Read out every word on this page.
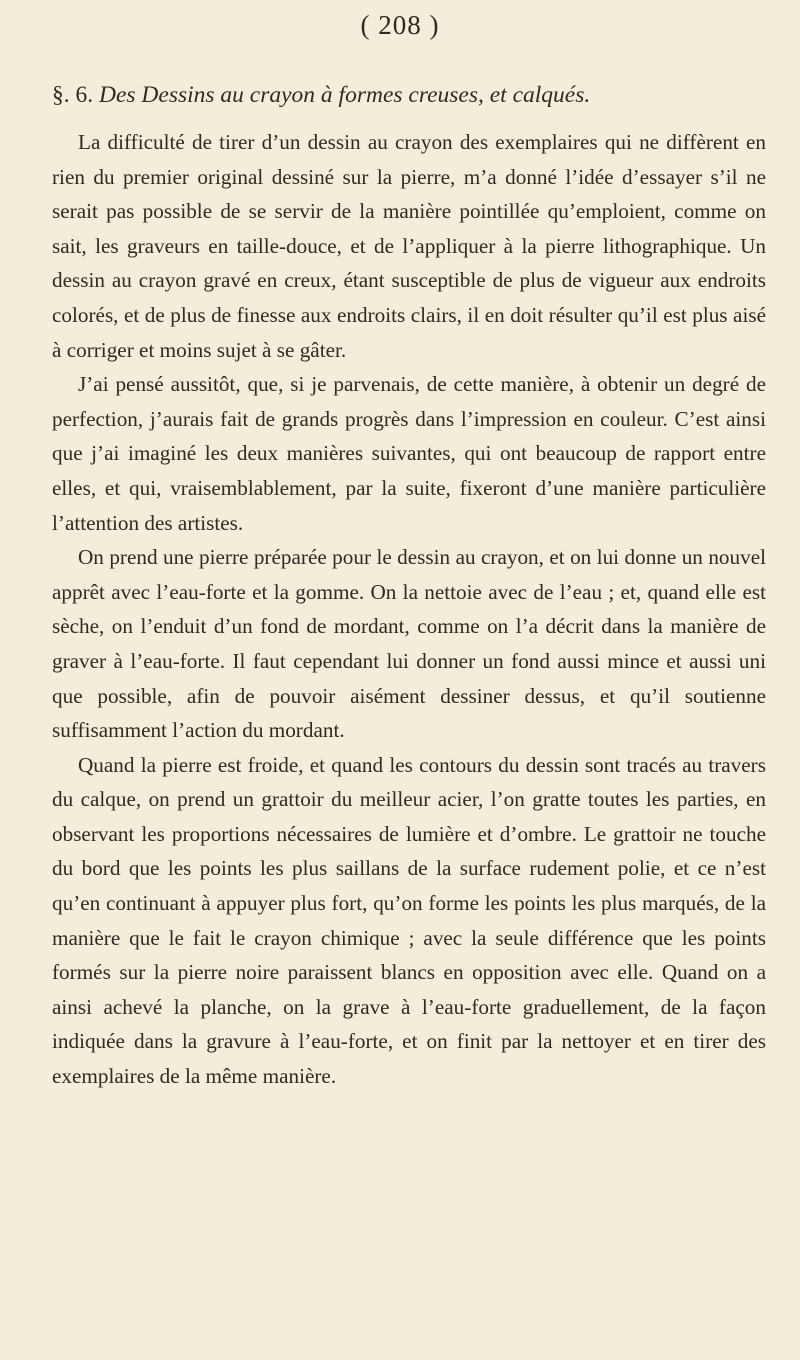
( 208 )
§. 6. Des Dessins au crayon à formes creuses, et calqués.

La difficulté de tirer d’un dessin au crayon des exemplaires qui ne diffèrent en rien du premier original dessiné sur la pierre, m’a donné l’idée d’essayer s’il ne serait pas possible de se servir de la manière pointillée qu’emploient, comme on sait, les graveurs en taille-douce, et de l’appliquer à la pierre lithographique. Un dessin au crayon gravé en creux, étant susceptible de plus de vigueur aux endroits colorés, et de plus de finesse aux endroits clairs, il en doit résulter qu’il est plus aisé à corriger et moins sujet à se gâter.

J’ai pensé aussitôt, que, si je parvenais, de cette manière, à obtenir un degré de perfection, j’aurais fait de grands progrès dans l’impression en couleur. C’est ainsi que j’ai imaginé les deux manières suivantes, qui ont beaucoup de rapport entre elles, et qui, vraisemblablement, par la suite, fixeront d’une manière particulière l’attention des artistes.

On prend une pierre préparée pour le dessin au crayon, et on lui donne un nouvel apprêt avec l’eau-forte et la gomme. On la nettoie avec de l’eau ; et, quand elle est sèche, on l’enduit d’un fond de mordant, comme on l’a décrit dans la manière de graver à l’eau-forte. Il faut cependant lui donner un fond aussi mince et aussi uni que possible, afin de pouvoir aisément dessiner dessus, et qu’il soutienne suffisamment l’action du mordant.

Quand la pierre est froide, et quand les contours du dessin sont tracés au travers du calque, on prend un grattoir du meilleur acier, l’on gratte toutes les parties, en observant les proportions nécessaires de lumière et d’ombre. Le grattoir ne touche du bord que les points les plus saillans de la surface rudement polie, et ce n’est qu’en continuant à appuyer plus fort, qu’on forme les points les plus marqués, de la manière que le fait le crayon chimique ; avec la seule différence que les points formés sur la pierre noire paraissent blancs en opposition avec elle. Quand on a ainsi achevé la planche, on la grave à l’eau-forte graduellement, de la façon indiquée dans la gravure à l’eau-forte, et on finit par la nettoyer et en tirer des exemplaires de la même manière.
